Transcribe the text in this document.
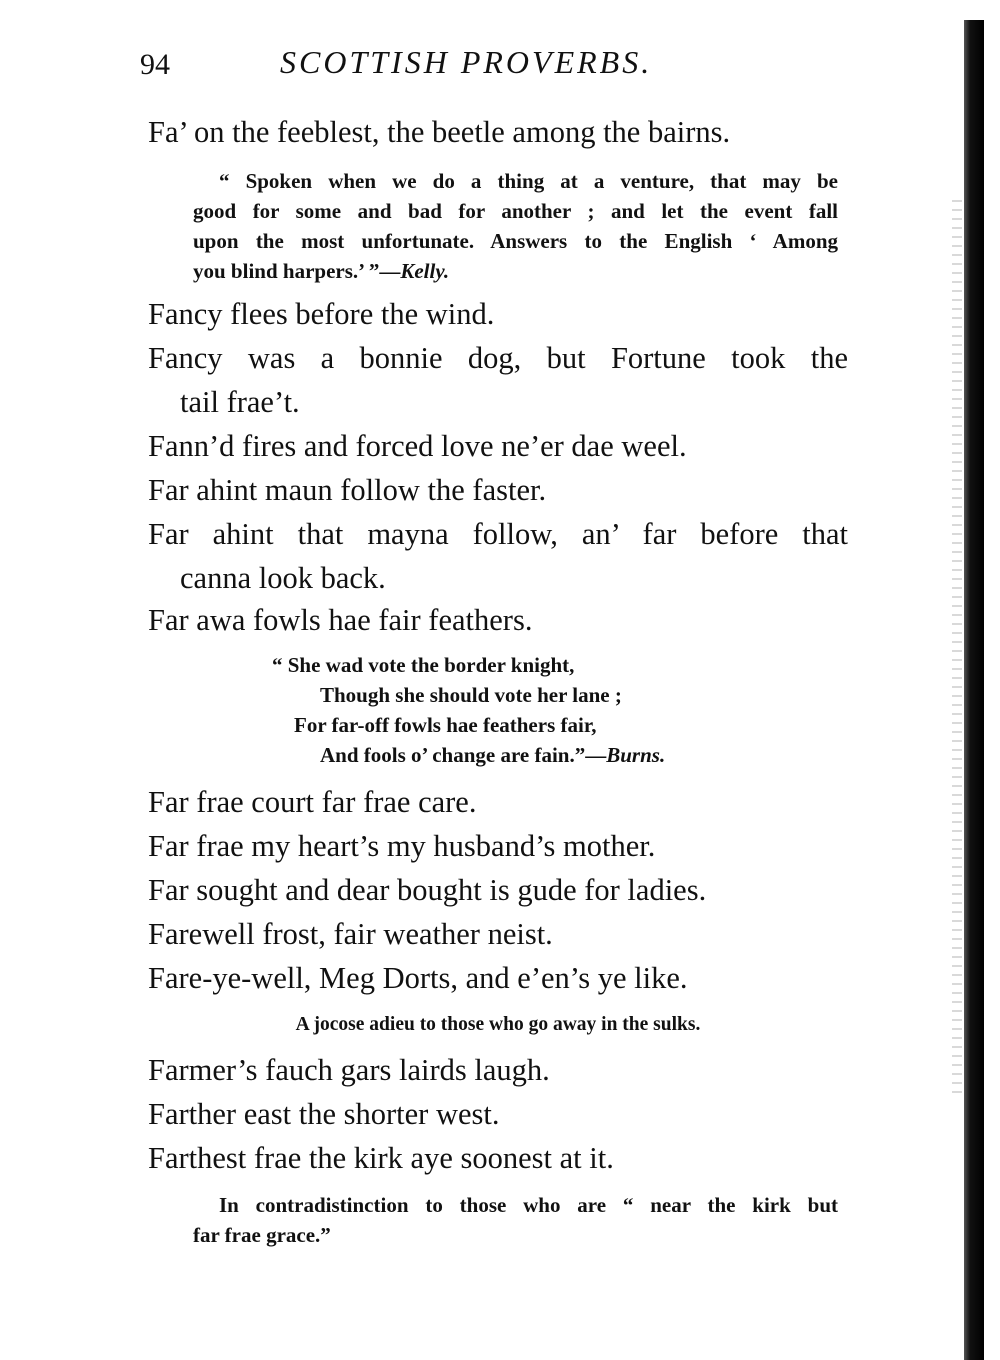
94	SCOTTISH PROVERBS.
Fa’ on the feeblest, the beetle among the bairns.
“ Spoken when we do a thing at a venture, that may be
good for some and bad for another ; and let the event fall
upon the most unfortunate. Answers to the English ‘ Among
you blind harpers.’ ”—Kelly.
Fancy flees before the wind.
Fancy was a bonnie dog, but Fortune took the
tail frae’t.
Fann’d fires and forced love ne’er dae weel.
Far ahint maun follow the faster.
Far ahint that mayna follow, an’ far before that
canna look back.
Far awa fowls hae fair feathers.
“ She wad vote the border knight,
Though she should vote her lane ;
For far-off fowls hae feathers fair,
And fools o’ change are fain.”—Burns.
Far frae court far frae care.
Far frae my heart’s my husband’s mother.
Far sought and dear bought is gude for ladies.
Farewell frost, fair weather neist.
Fare-ye-well, Meg Dorts, and e’en’s ye like.
A jocose adieu to those who go away in the sulks.
Farmer’s fauch gars lairds laugh.
Farther east the shorter west.
Farthest frae the kirk aye soonest at it.
In contradistinction to those who are “ near the kirk but
far frae grace.”
